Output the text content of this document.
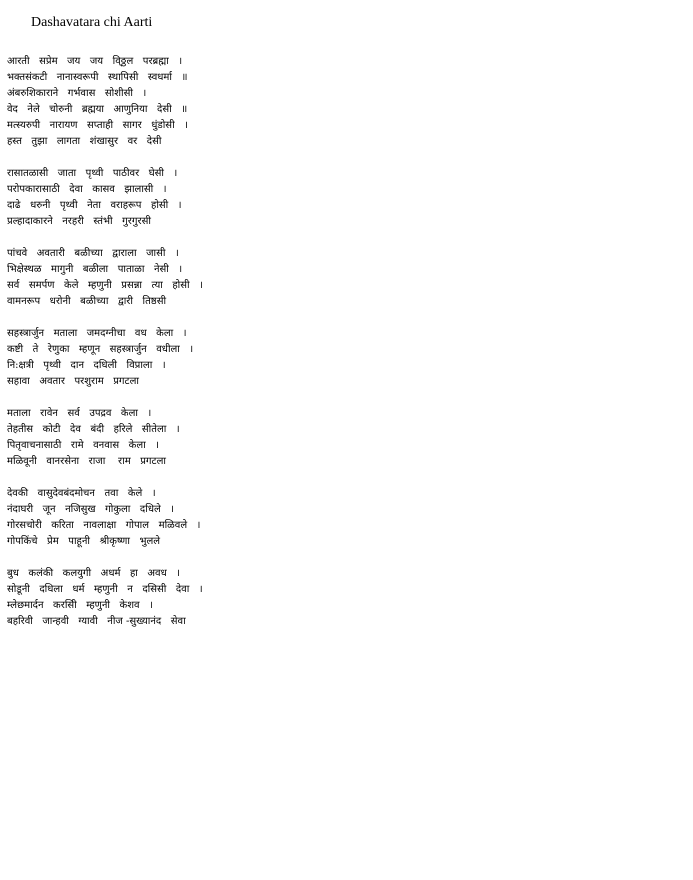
Dashavatara chi Aarti
आरती   सप्रेम   जय   जय   वि्ठ्ठल   परब्रह्मा   ।
भक्तसंकटी   नानास्वरूपी   स्थापिसी   स्वधर्मा   ॥
अंबरुशिकाराने   गर्भवास   सोशीसी   ।
वेद   नेले   चोरुनी   ब्रह्मया   आणुनिया   देसी   ॥
मत्स्यरुपी   नारायण   सप्ताही   सागर   धुंडोसी   ।
हस्त   तुझा   लागता   शंखासुर   वर   देसी
रासातळासी   जाता   पृथ्वी   पाठीवर   घेसी   ।
परोपकारासाठी   देवा   कासव   झालासी   ।
दाढे   धरुनी   पृथ्वी   नेता   वराहरूप   होसी   ।
प्रल्हादाकारने   नरहरी   स्तंभी   गुरगुरसी
पांचवे   अवतारी   बळीच्या   द्वाराला   जासी   ।
भिक्षेस्थळ   मागुनी   बळीला   पाताळा   नेसी   ।
सर्व   समर्पण   केले   म्हणुनी   प्रसन्ना   त्या   होसी   ।
वामनरूप   धरोनी   बळीच्या   द्वारी   तिष्ठसी
सहस्त्रार्जुन   मताला   जमदग्नीचा   वध   केला   ।
कष्टी   ते   रेणुका   म्हणून   सहस्त्रार्जुन   वधीला   ।
नि:क्षत्री   पृथ्वी   दान   दधिली   विप्राला   ।
सहावा   अवतार   परशुराम   प्रगटला
मताला   रावेन   सर्व   उपद्रव   केला   ।
तेहतीस   कोटी   देव   बंदी   हरिले   सीतेला   ।
पितृवाचनासाठी   रामे   वनवास   केला   ।
मळिवूनी   वानरसेना   राजा    राम   प्रगटला
देवकी   वासुदेवबंदमोचन   तवा   केले   ।
नंदाघरी   जून   नजिसुख   गोकुला   दधिले   ।
गोरसचोरी   करिता   नावलाक्षा   गोपाल   मळिवले   ।
गोपकिंचे   प्रेम   पाहूनी   श्रीकृष्णा   भुलले
बुध   कलंकी   कलयुगी   अधर्म   हा   अवध   ।
सोडूनी   दधिला   धर्म   म्हणुनी   न   दसिसी   देवा   ।
म्लेछमार्दन   करसिी   म्हणुनी   केशव   ।
बहरिवी   जान्हवी   ग्यावी   नीज -सुख्यानंद   सेवा
